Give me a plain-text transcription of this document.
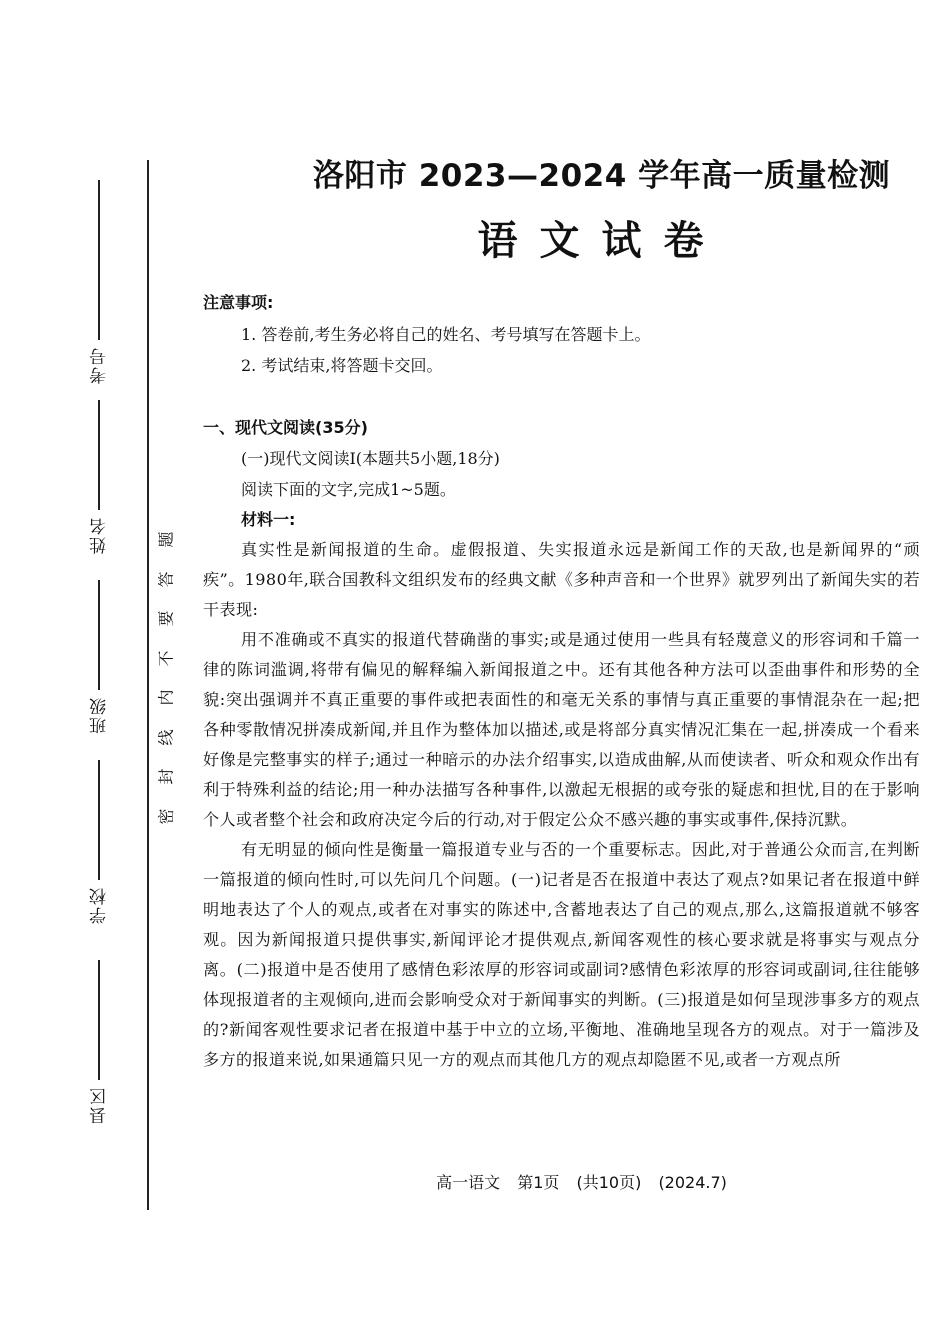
考号
姓名
班级
学校
县区
题
答
要
不
内
线
封
密
洛阳市 2023—2024 学年高一质量检测
语文试卷
注意事项:
1. 答卷前,考生务必将自己的姓名、考号填写在答题卡上。
2. 考试结束,将答题卡交回。
一、现代文阅读(35分)
(一)现代文阅读Ⅰ(本题共5小题,18分)
阅读下面的文字,完成1~5题。
材料一:

真实性是新闻报道的生命。虚假报道、失实报道永远是新闻工作的天敌,也是新闻界的“顽疾”。1980年,联合国教科文组织发布的经典文献《多种声音和一个世界》就罗列出了新闻失实的若干表现:

用不准确或不真实的报道代替确凿的事实;或是通过使用一些具有轻蔑意义的形容词和千篇一律的陈词滥调,将带有偏见的解释编入新闻报道之中。还有其他各种方法可以歪曲事件和形势的全貌:突出强调并不真正重要的事件或把表面性的和毫无关系的事情与真正重要的事情混杂在一起;把各种零散情况拼凑成新闻,并且作为整体加以描述,或是将部分真实情况汇集在一起,拼凑成一个看来好像是完整事实的样子;通过一种暗示的办法介绍事实,以造成曲解,从而使读者、听众和观众作出有利于特殊利益的结论;用一种办法描写各种事件,以激起无根据的或夸张的疑虑和担忧,目的在于影响个人或者整个社会和政府决定今后的行动,对于假定公众不感兴趣的事实或事件,保持沉默。

有无明显的倾向性是衡量一篇报道专业与否的一个重要标志。因此,对于普通公众而言,在判断一篇报道的倾向性时,可以先问几个问题。(一)记者是否在报道中表达了观点?如果记者在报道中鲜明地表达了个人的观点,或者在对事实的陈述中,含蓄地表达了自己的观点,那么,这篇报道就不够客观。因为新闻报道只提供事实,新闻评论才提供观点,新闻客观性的核心要求就是将事实与观点分离。(二)报道中是否使用了感情色彩浓厚的形容词或副词?感情色彩浓厚的形容词或副词,往往能够体现报道者的主观倾向,进而会影响受众对于新闻事实的判断。(三)报道是如何呈现涉事多方的观点的?新闻客观性要求记者在报道中基于中立的立场,平衡地、准确地呈现各方的观点。对于一篇涉及多方的报道来说,如果通篇只见一方的观点而其他几方的观点却隐匿不见,或者一方观点所

高一语文 第1页 (共10页) (2024.7)
